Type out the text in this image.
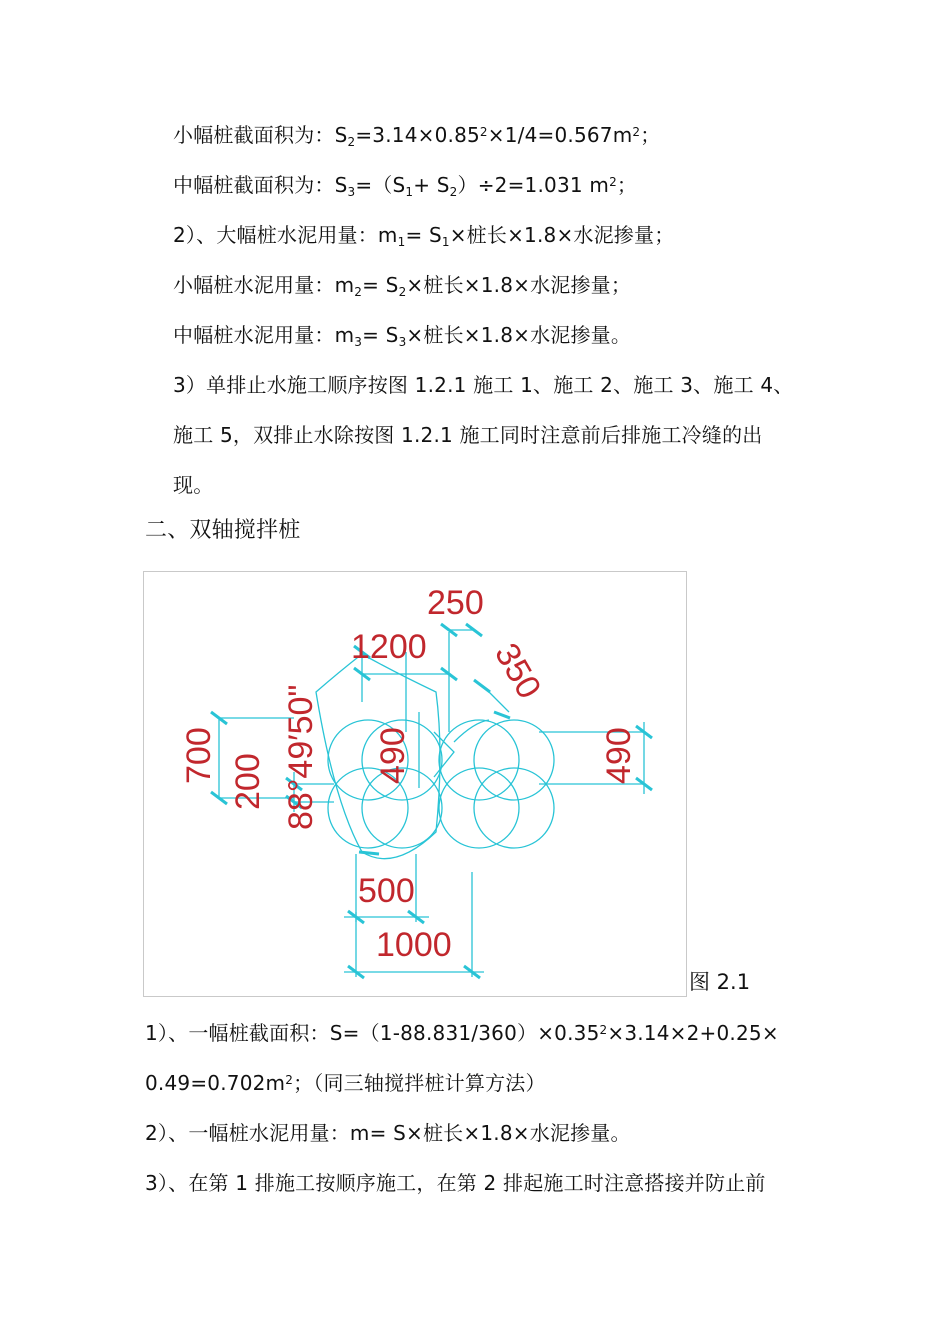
小幅桩截面积为：$S_2=3.14\times 0.85^2\times 1/4=0.567m^2$；
中幅桩截面积为：$S_3=(S_1+ S_2)\div 2=1.031$ $m^2$；
2）、大幅桩水泥用量：$m_1= S_1\times$桩长×1.8×水泥掺量；
小幅桩水泥用量：$m_2= S_2\times$桩长×1.8×水泥掺量；
中幅桩水泥用量：$m_3= S_3\times$桩长×1.8×水泥掺量。
3）单排止水施工顺序按图 1.2.1 施工 1、施工 2、施工 3、施工 4、
施工 5，双排止水除按图 1.2.1 施工同时注意前后排施工冷缝的出
现。
二、双轴搅拌桩
250
1200 350
700 200 88°49′50" 490	490
500
1000
图 2.1
1）、一幅桩截面积：$S=(1-88.831/360)\times 0.35^2\times 3.14\times 2+0.25\times$
$0.49=0.702m^2$；（同三轴搅拌桩计算方法）
2）、一幅桩水泥用量：m= S×桩长×1.8×水泥掺量。
3）、在第 1 排施工按顺序施工，在第 2 排起施工时注意搭接并防止前
